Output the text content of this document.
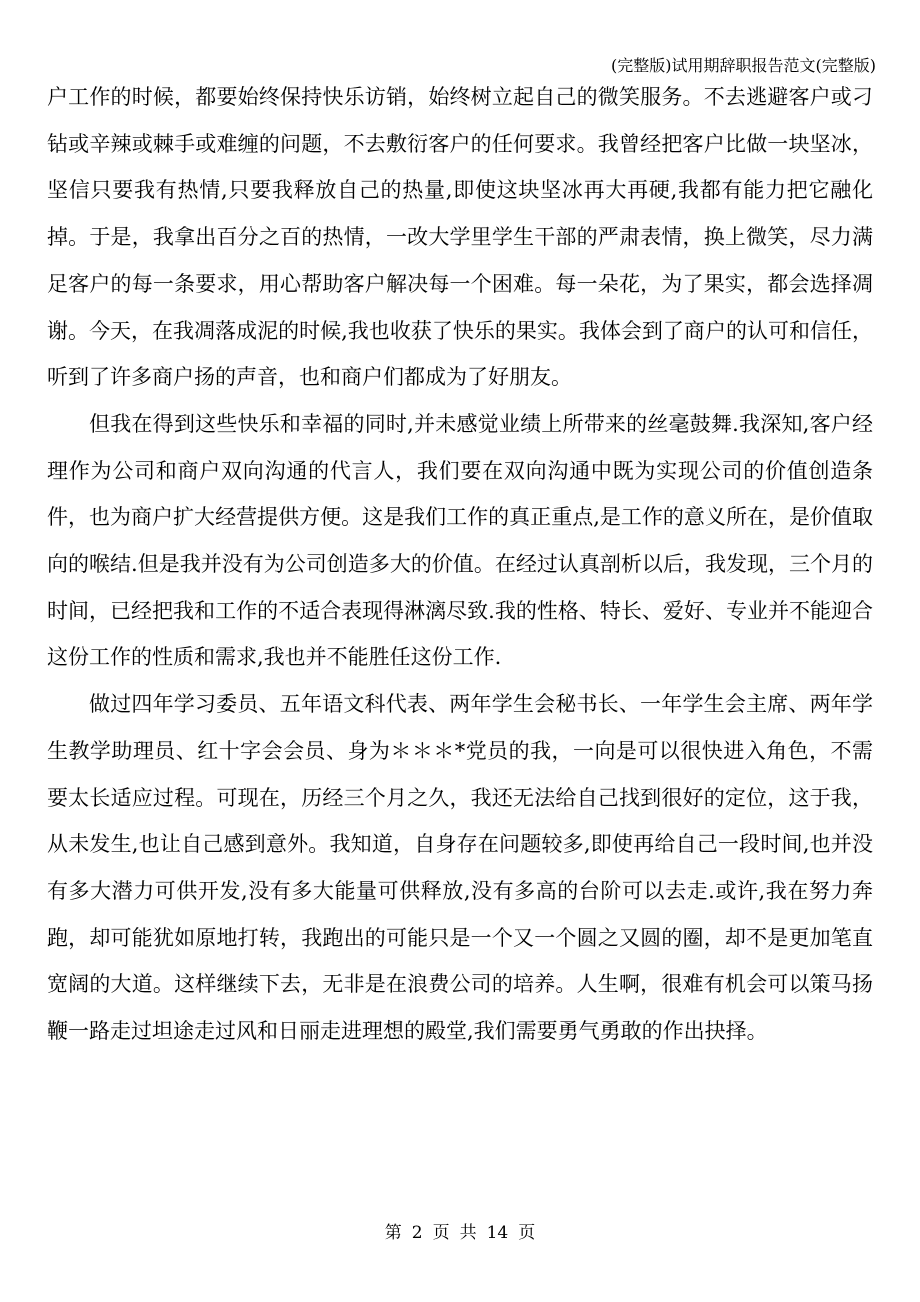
(完整版)试用期辞职报告范文(完整版)

户工作的时候，都要始终保持快乐访销，始终树立起自己的微笑服务。不去逃避客户或刁钻或辛辣或棘手或难缠的问题，不去敷衍客户的任何要求。我曾经把客户比做一块坚冰，坚信只要我有热情,只要我释放自己的热量,即使这块坚冰再大再硬,我都有能力把它融化掉。于是，我拿出百分之百的热情，一改大学里学生干部的严肃表情，换上微笑，尽力满足客户的每一条要求，用心帮助客户解决每一个困难。每一朵花，为了果实，都会选择凋谢。今天，在我凋落成泥的时候,我也收获了快乐的果实。我体会到了商户的认可和信任，听到了许多商户扬的声音，也和商户们都成为了好朋友。

但我在得到这些快乐和幸福的同时,并未感觉业绩上所带来的丝毫鼓舞.我深知,客户经理作为公司和商户双向沟通的代言人，我们要在双向沟通中既为实现公司的价值创造条件，也为商户扩大经营提供方便。这是我们工作的真正重点,是工作的意义所在，是价值取向的喉结.但是我并没有为公司创造多大的价值。在经过认真剖析以后，我发现，三个月的时间，已经把我和工作的不适合表现得淋漓尽致.我的性格、特长、爱好、专业并不能迎合这份工作的性质和需求,我也并不能胜任这份工作.

做过四年学习委员、五年语文科代表、两年学生会秘书长、一年学生会主席、两年学生教学助理员、红十字会会员、身为＊＊＊*党员的我，一向是可以很快进入角色，不需要太长适应过程。可现在，历经三个月之久，我还无法给自己找到很好的定位，这于我，从未发生,也让自己感到意外。我知道，自身存在问题较多,即使再给自己一段时间,也并没有多大潜力可供开发,没有多大能量可供释放,没有多高的台阶可以去走.或许,我在努力奔跑，却可能犹如原地打转，我跑出的可能只是一个又一个圆之又圆的圈，却不是更加笔直宽阔的大道。这样继续下去，无非是在浪费公司的培养。人生啊，很难有机会可以策马扬鞭一路走过坦途走过风和日丽走进理想的殿堂,我们需要勇气勇敢的作出抉择。

第 2 页 共 14 页
